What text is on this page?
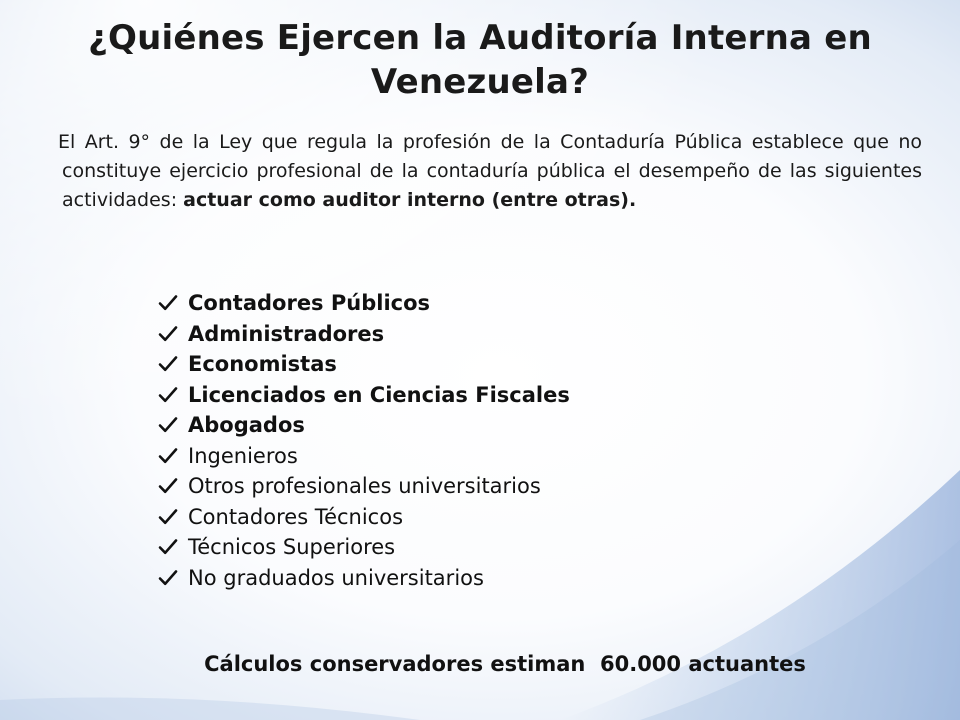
¿Quiénes Ejercen la Auditoría Interna en Venezuela?
El Art. 9° de la Ley que regula la profesión de la Contaduría Pública establece que no constituye ejercicio profesional de la contaduría pública el desempeño de las siguientes actividades: actuar como auditor interno (entre otras).
Contadores Públicos
Administradores
Economistas
Licenciados en Ciencias Fiscales
Abogados
Ingenieros
Otros profesionales universitarios
Contadores Técnicos
Técnicos Superiores
No graduados universitarios
Cálculos conservadores estiman  60.000 actuantes
